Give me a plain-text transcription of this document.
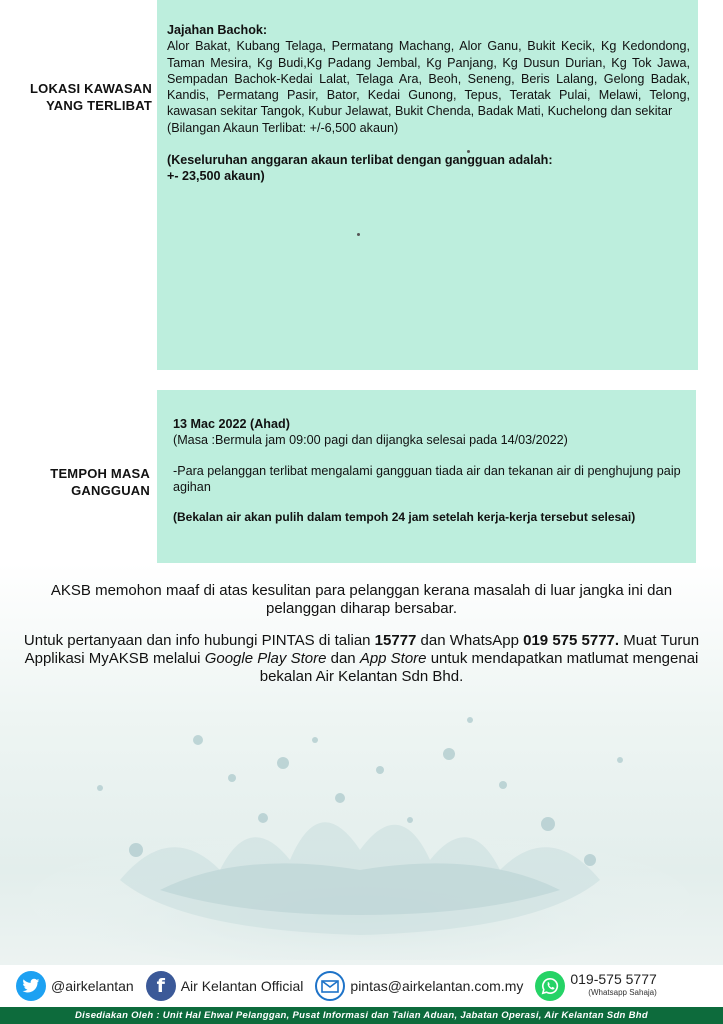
LOKASI KAWASAN
YANG TERLIBAT

Jajahan Bachok:

Alor Bakat, Kubang Telaga, Permatang Machang, Alor Ganu, Bukit Kecik, Kg Kedondong, Taman Mesira, Kg Budi,Kg Padang Jembal, Kg Panjang, Kg Dusun Durian, Kg Tok Jawa, Sempadan Bachok-Kedai Lalat, Telaga Ara, Beoh, Seneng, Beris Lalang, Gelong Badak, Kandis, Permatang Pasir, Bator, Kedai Gunong, Tepus, Teratak Pulai, Melawi, Telong, kawasan sekitar Tangok, Kubur Jelawat, Bukit Chenda, Badak Mati, Kuchelong dan sekitar

(Bilangan Akaun Terlibat: +/-6,500 akaun)

(Keseluruhan anggaran akaun terlibat dengan gangguan adalah:

+- 23,500 akaun)

TEMPOH MASA
GANGGUAN

13 Mac 2022 (Ahad)

(Masa :Bermula jam 09:00 pagi dan dijangka selesai pada 14/03/2022)

-Para pelanggan terlibat mengalami gangguan tiada air dan tekanan air di penghujung paip agihan

(Bekalan air akan pulih dalam tempoh 24 jam setelah kerja-kerja tersebut selesai)

AKSB memohon maaf di atas kesulitan para pelanggan kerana masalah di luar jangka ini dan pelanggan diharap bersabar.
Untuk pertanyaan dan info hubungi PINTAS di talian 15777 dan WhatsApp 019 575 5777. Muat Turun Applikasi MyAKSB melalui Google Play Store dan App Store untuk mendapatkan matlumat mengenai bekalan Air Kelantan Sdn Bhd.
@airkelantan	f	Air Kelantan Official	pintas@airkelantan.com.my	019-575 5777
(Whatsapp Sahaja)
Disediakan Oleh : Unit Hal Ehwal Pelanggan, Pusat Informasi dan Talian Aduan, Jabatan Operasi, Air Kelantan Sdn Bhd
